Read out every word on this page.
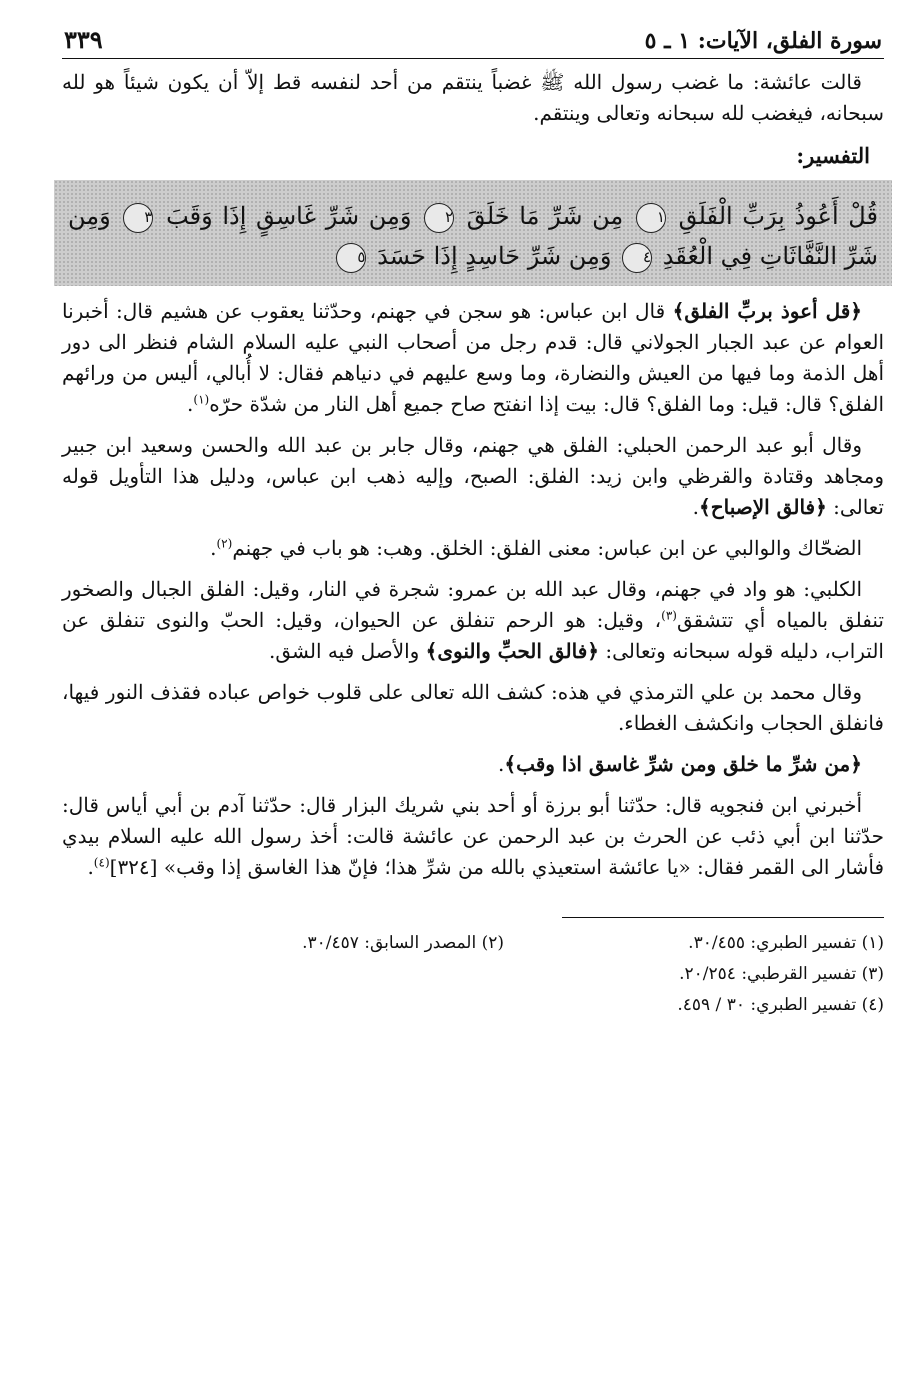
سورة الفلق، الآيات: ١ ـ ٥
٣٣٩

قالت عائشة: ما غضب رسول الله ﷺ غضباً ينتقم من أحد لنفسه قط إلاّ أن يكون شيئاً هو لله سبحانه، فيغضب لله سبحانه وتعالى وينتقم.

التفسير:
قُلْ أَعُوذُ بِرَبِّ الْفَلَقِ ١ مِن شَرِّ مَا خَلَقَ ٢ وَمِن شَرِّ غَاسِقٍ إِذَا وَقَبَ ٣ وَمِن شَرِّ النَّفَّاثَاتِ فِي الْعُقَدِ ٤ وَمِن شَرِّ حَاسِدٍ إِذَا حَسَدَ ٥

﴿قل أعوذ بربِّ الفلق﴾ قال ابن عباس: هو سجن في جهنم، وحدّثنا يعقوب عن هشيم قال: أخبرنا العوام عن عبد الجبار الجولاني قال: قدم رجل من أصحاب النبي عليه السلام الشام فنظر الى دور أهل الذمة وما فيها من العيش والنضارة، وما وسع عليهم في دنياهم فقال: لا أُبالي، أليس من ورائهم الفلق؟ قال: قيل: وما الفلق؟ قال: بيت إذا انفتح صاح جميع أهل النار من شدّة حرّه$^{(١)}$.

وقال أبو عبد الرحمن الحبلي: الفلق هي جهنم، وقال جابر بن عبد الله والحسن وسعيد ابن جبير ومجاهد وقتادة والقرظي وابن زيد: الفلق: الصبح، وإليه ذهب ابن عباس، ودليل هذا التأويل قوله تعالى: ﴿فالق الإصباح﴾.

الضحّاك والوالبي عن ابن عباس: معنى الفلق: الخلق. وهب: هو باب في جهنم$^{(٢)}$.

الكلبي: هو واد في جهنم، وقال عبد الله بن عمرو: شجرة في النار، وقيل: الفلق الجبال والصخور تنفلق بالمياه أي تتشقق$^{(٣)}$، وقيل: هو الرحم تنفلق عن الحيوان، وقيل: الحبّ والنوى تنفلق عن التراب، دليله قوله سبحانه وتعالى: ﴿فالق الحبِّ والنوى﴾ والأصل فيه الشق.

وقال محمد بن علي الترمذي في هذه: كشف الله تعالى على قلوب خواص عباده فقذف النور فيها، فانفلق الحجاب وانكشف الغطاء.

﴿من شرِّ ما خلق ومن شرِّ غاسق اذا وقب﴾.

أخبرني ابن فنجويه قال: حدّثنا أبو برزة أو أحد بني شريك البزار قال: حدّثنا آدم بن أبي أياس قال: حدّثنا ابن أبي ذئب عن الحرث بن عبد الرحمن عن عائشة قالت: أخذ رسول الله عليه السلام بيدي فأشار الى القمر فقال: «يا عائشة استعيذي بالله من شرِّ هذا؛ فإنّ هذا الغاسق إذا وقب» [٣٢٤]$^{(٤)}$.

(١) تفسير الطبري: ٣٠/٤٥٥.
(٢) المصدر السابق: ٣٠/٤٥٧.
(٣) تفسير القرطبي: ٢٠/٢٥٤.
(٤) تفسير الطبري: ٣٠ / ٤٥٩.
